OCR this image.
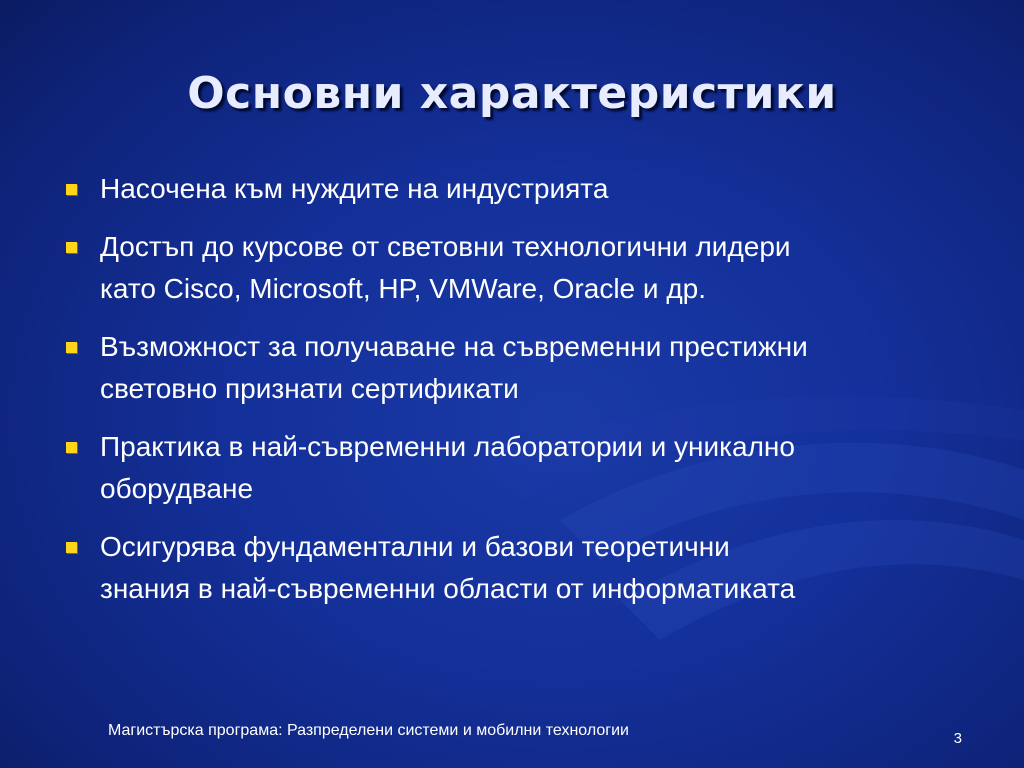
Основни характеристики
Насочена към нуждите на индустрията
Достъп до курсове от световни технологични лидери
като Cisco, Microsoft, HP, VMWare, Oracle и др.
Възможност за получаване на съвременни престижни
световно признати сертификати
Практика в най-съвременни лаборатории и уникално
оборудване
Осигурява фундаментални и базови теоретични
знания в най-съвременни области от информатиката
Магистърска програма: Разпределени системи и мобилни технологии	3
